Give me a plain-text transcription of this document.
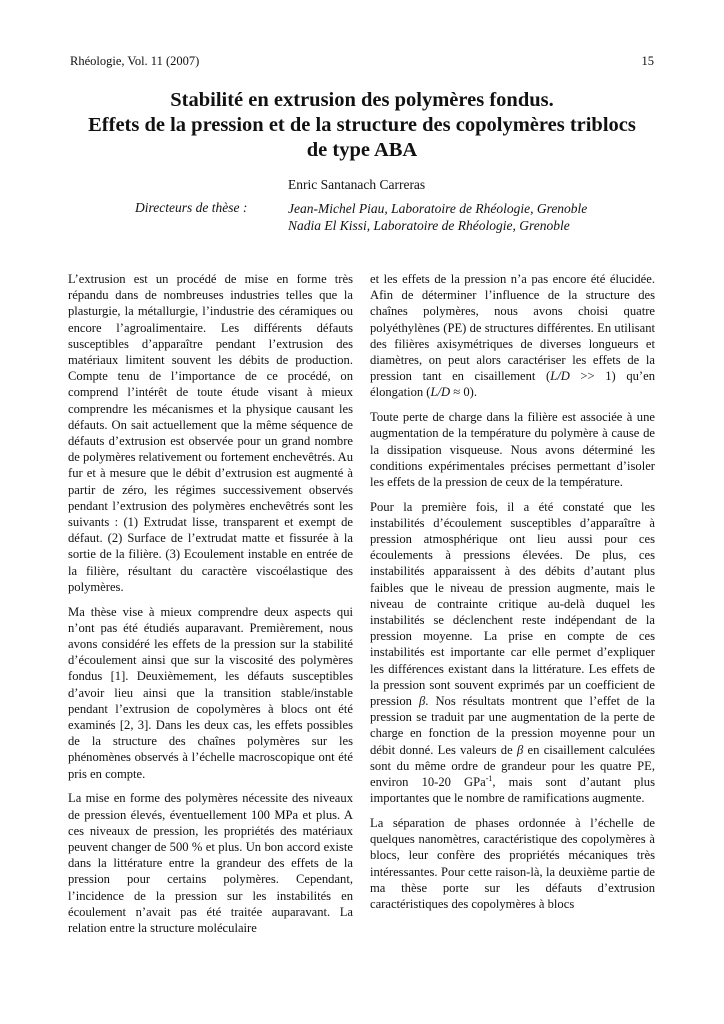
Rhéologie, Vol. 11 (2007)	15
Stabilité en extrusion des polymères fondus.
Effets de la pression et de la structure des copolymères triblocs
de type ABA
Enric Santanach Carreras
Directeurs de thèse :	Jean-Michel Piau, Laboratoire de Rhéologie, Grenoble
Nadia El Kissi, Laboratoire de Rhéologie, Grenoble

L’extrusion est un procédé de mise en forme très répandu dans de nombreuses industries telles que la plasturgie, la métallurgie, l’industrie des céramiques ou encore l’agroalimentaire. Les différents défauts susceptibles d’apparaître pendant l’extrusion des matériaux limitent souvent les débits de production. Compte tenu de l’importance de ce procédé, on comprend l’intérêt de toute étude visant à mieux comprendre les mécanismes et la physique causant les défauts. On sait actuellement que la même séquence de défauts d’extrusion est observée pour un grand nombre de polymères relativement ou fortement enchevêtrés. Au fur et à mesure que le débit d’extrusion est augmenté à partir de zéro, les régimes successivement observés pendant l’extrusion des polymères enchevêtrés sont les suivants : (1) Extrudat lisse, transparent et exempt de défaut. (2) Surface de l’extrudat matte et fissurée à la sortie de la filière. (3) Ecoulement instable en entrée de la filière, résultant du caractère viscoélastique des polymères.

Ma thèse vise à mieux comprendre deux aspects qui n’ont pas été étudiés auparavant. Premièrement, nous avons considéré les effets de la pression sur la stabilité d’écoulement ainsi que sur la viscosité des polymères fondus [1]. Deuxièmement, les défauts susceptibles d’avoir lieu ainsi que la transition stable/instable pendant l’extrusion de copolymères à blocs ont été examinés [2, 3]. Dans les deux cas, les effets possibles de la structure des chaînes polymères sur les phénomènes observés à l’échelle macroscopique ont été pris en compte.

La mise en forme des polymères nécessite des niveaux de pression élevés, éventuellement 100 MPa et plus. A ces niveaux de pression, les propriétés des matériaux peuvent changer de 500 % et plus. Un bon accord existe dans la littérature entre la grandeur des effets de la pression pour certains polymères. Cependant, l’incidence de la pression sur les instabilités en écoulement n’avait pas été traitée auparavant. La relation entre la structure moléculaire

et les effets de la pression n’a pas encore été élucidée. Afin de déterminer l’influence de la structure des chaînes polymères, nous avons choisi quatre polyéthylènes (PE) de structures différentes. En utilisant des filières axisymétriques de diverses longueurs et diamètres, on peut alors caractériser les effets de la pression tant en cisaillement (L/D >> 1) qu’en élongation (L/D ≈ 0).

Toute perte de charge dans la filière est associée à une augmentation de la température du polymère à cause de la dissipation visqueuse. Nous avons déterminé les conditions expérimentales précises permettant d’isoler les effets de la pression de ceux de la température.

Pour la première fois, il a été constaté que les instabilités d’écoulement susceptibles d’apparaître à pression atmosphérique ont lieu aussi pour ces écoulements à pressions élevées. De plus, ces instabilités apparaissent à des débits d’autant plus faibles que le niveau de pression augmente, mais le niveau de contrainte critique au-delà duquel les instabilités se déclenchent reste indépendant de la pression moyenne. La prise en compte de ces instabilités est importante car elle permet d’expliquer les différences existant dans la littérature. Les effets de la pression sont souvent exprimés par un coefficient de pression β. Nos résultats montrent que l’effet de la pression se traduit par une augmentation de la perte de charge en fonction de la pression moyenne pour un débit donné. Les valeurs de β en cisaillement calculées sont du même ordre de grandeur pour les quatre PE, environ 10-20 GPa$^{-1}$, mais sont d’autant plus importantes que le nombre de ramifications augmente.

La séparation de phases ordonnée à l’échelle de quelques nanomètres, caractéristique des copolymères à blocs, leur confère des propriétés mécaniques très intéressantes. Pour cette raison-là, la deuxième partie de ma thèse porte sur les défauts d’extrusion caractéristiques des copolymères à blocs
